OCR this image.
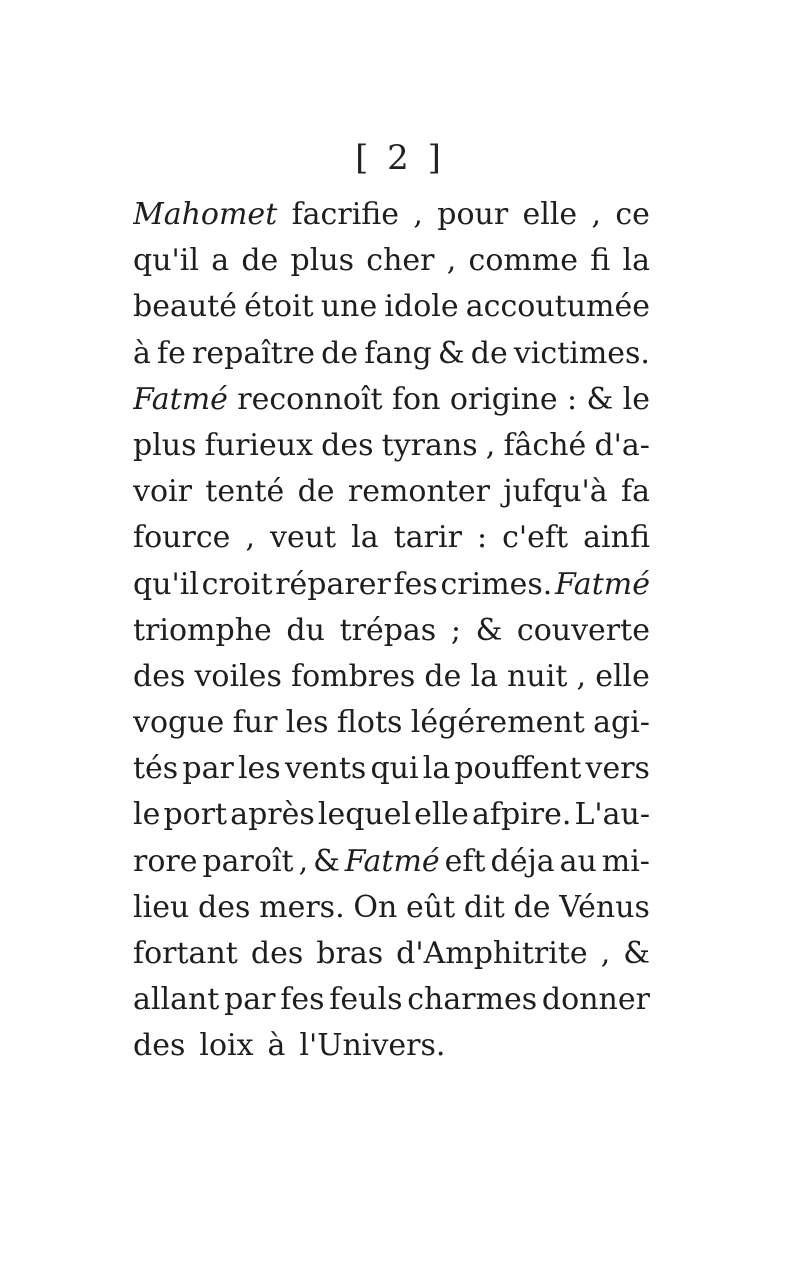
[ 2 ]
Mahomet facrifie , pour elle , ce
qu'il a de plus cher , comme fi la
beauté étoit une idole accoutumée
à fe repaître de fang & de victimes.
Fatmé reconnoît fon origine : & le
plus furieux des tyrans , fâché d'a-
voir tenté de remonter jufqu'à fa
fource , veut la tarir : c'eft ainfi
qu'il croit réparer fes crimes. Fatmé
triomphe du trépas ; & couverte
des voiles fombres de la nuit , elle
vogue fur les flots légérement agi-
tés par les vents qui la pouffent vers
le port après lequel elle afpire. L'au-
rore paroît , & Fatmé eft déja au mi-
lieu des mers. On eût dit de Vénus
fortant des bras d'Amphitrite , &
allant par fes feuls charmes donner
des loix à l'Univers.
